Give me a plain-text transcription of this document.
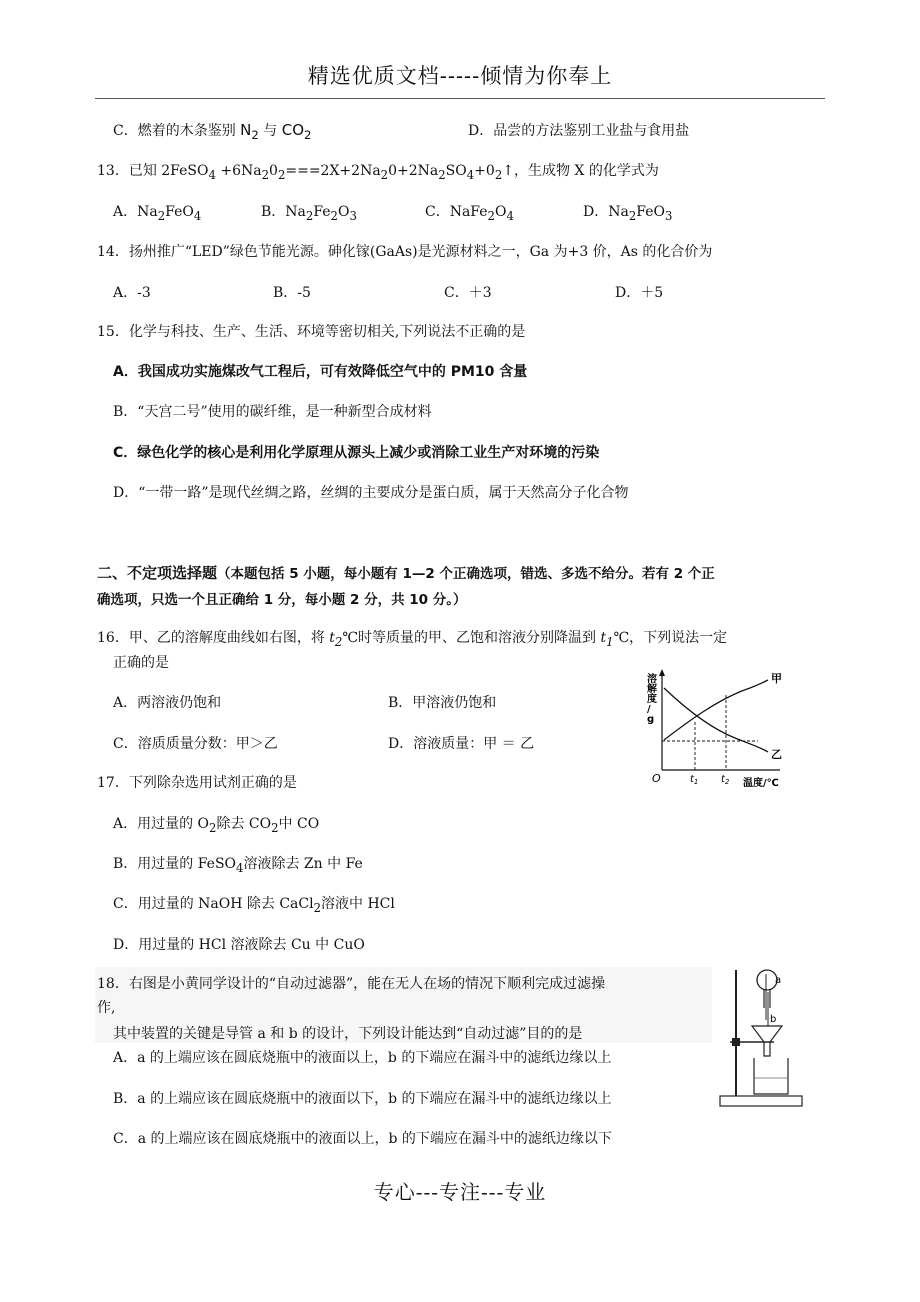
精选优质文档-----倾情为你奉上
C．燃着的木条鉴别 $N_2$ 与 $CO_2$	D．品尝的方法鉴别工业盐与食用盐
13．已知 2FeSO$_4$ $+6Na_20_2===2X+2Na_20+2Na_2SO_4+0_2↑$，生成物 X 的化学式为
A．$Na_2FeO_4$	B．$Na_2Fe_2O_3$	C．$NaFe_2O_4$	D．$Na_2FeO_3$
14．扬州推广“LED”绿色节能光源。砷化镓(GaAs)是光源材料之一，Ga 为+3 价，As 的化合价为
A．-3	B．-5	C．＋3	D．＋5
15．化学与科技、生产、生活、环境等密切相关,下列说法不正确的是
A．我国成功实施煤改气工程后，可有效降低空气中的 PM10 含量
B．“天宫二号”使用的碳纤维，是一种新型合成材料
C．绿色化学的核心是利用化学原理从源头上减少或消除工业生产对环境的污染
D．“一带一路”是现代丝绸之路，丝绸的主要成分是蛋白质，属于天然高分子化合物
二、不定项选择题（本题包括 5 小题，每小题有 1—2 个正确选项，错选、多选不给分。若有 2 个正
确选项，只选一个且正确给 1 分，每小题 2 分，共 10 分。）
16．甲、乙的溶解度曲线如右图，将 $t_2℃$时等质量的甲、乙饱和溶液分别降温到 $t_1℃$，下列说法一定
正确的是
A．两溶液仍饱和	B．甲溶液仍饱和
C．溶质质量分数：甲＞乙	D．溶液质量：甲 ＝ 乙
溶解度/ g
甲
乙
O	$t_1$ $t_2$ 温度/℃
17．下列除杂选用试剂正确的是
A．用过量的 $O_2$除去 $CO_2$中 CO
B．用过量的 FeSO$_4$溶液除去 Zn 中 Fe
C．用过量的 NaOH 除去 CaCl$_2$溶液中 HCl
D．用过量的 HCl 溶液除去 Cu 中 CuO
18．右图是小黄同学设计的“自动过滤器”，能在无人在场的情况下顺利完成过滤操
作,
其中装置的关键是导管 a 和 b 的设计，下列设计能达到“自动过滤”目的的是
A．a 的上端应该在圆底烧瓶中的液面以上，b 的下端应在漏斗中的滤纸边缘以上
B．a 的上端应该在圆底烧瓶中的液面以下，b 的下端应在漏斗中的滤纸边缘以上
C．a 的上端应该在圆底烧瓶中的液面以上，b 的下端应在漏斗中的滤纸边缘以下
a
b
专心---专注---专业
